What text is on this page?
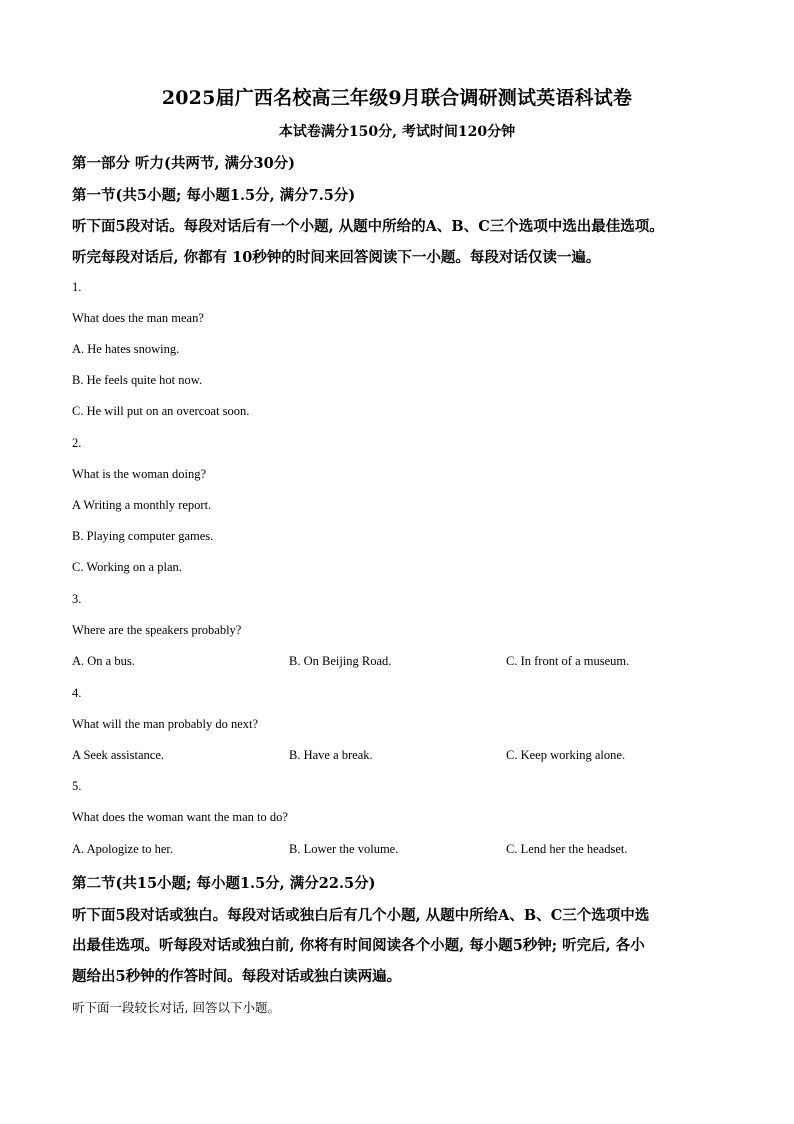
2025届广西名校高三年级9月联合调研测试英语科试卷
本试卷满分150分, 考试时间120分钟
第一部分 听力(共两节, 满分30分)
第一节(共5小题; 每小题1.5分, 满分7.5分)
听下面5段对话。每段对话后有一个小题, 从题中所给的A、B、C三个选项中选出最佳选项。
听完每段对话后, 你都有 10秒钟的时间来回答阅读下一小题。每段对话仅读一遍。
1.
What does the man mean?
A. He hates snowing.
B. He feels quite hot now.
C. He will put on an overcoat soon.
2.
What is the woman doing?
A Writing a monthly report.
B. Playing computer games.
C. Working on a plan.
3.
Where are the speakers probably?
A. On a bus.	B. On Beijing Road.	C. In front of a museum.
4.
What will the man probably do next?
A Seek assistance.	B. Have a break.	C. Keep working alone.
5.
What does the woman want the man to do?
A. Apologize to her.	B. Lower the volume.	C. Lend her the headset.
第二节(共15小题; 每小题1.5分, 满分22.5分)
听下面5段对话或独白。每段对话或独白后有几个小题, 从题中所给A、B、C三个选项中选
出最佳选项。听每段对话或独白前, 你将有时间阅读各个小题, 每小题5秒钟; 听完后, 各小
题给出5秒钟的作答时间。每段对话或独白读两遍。
听下面一段较长对话, 回答以下小题。
